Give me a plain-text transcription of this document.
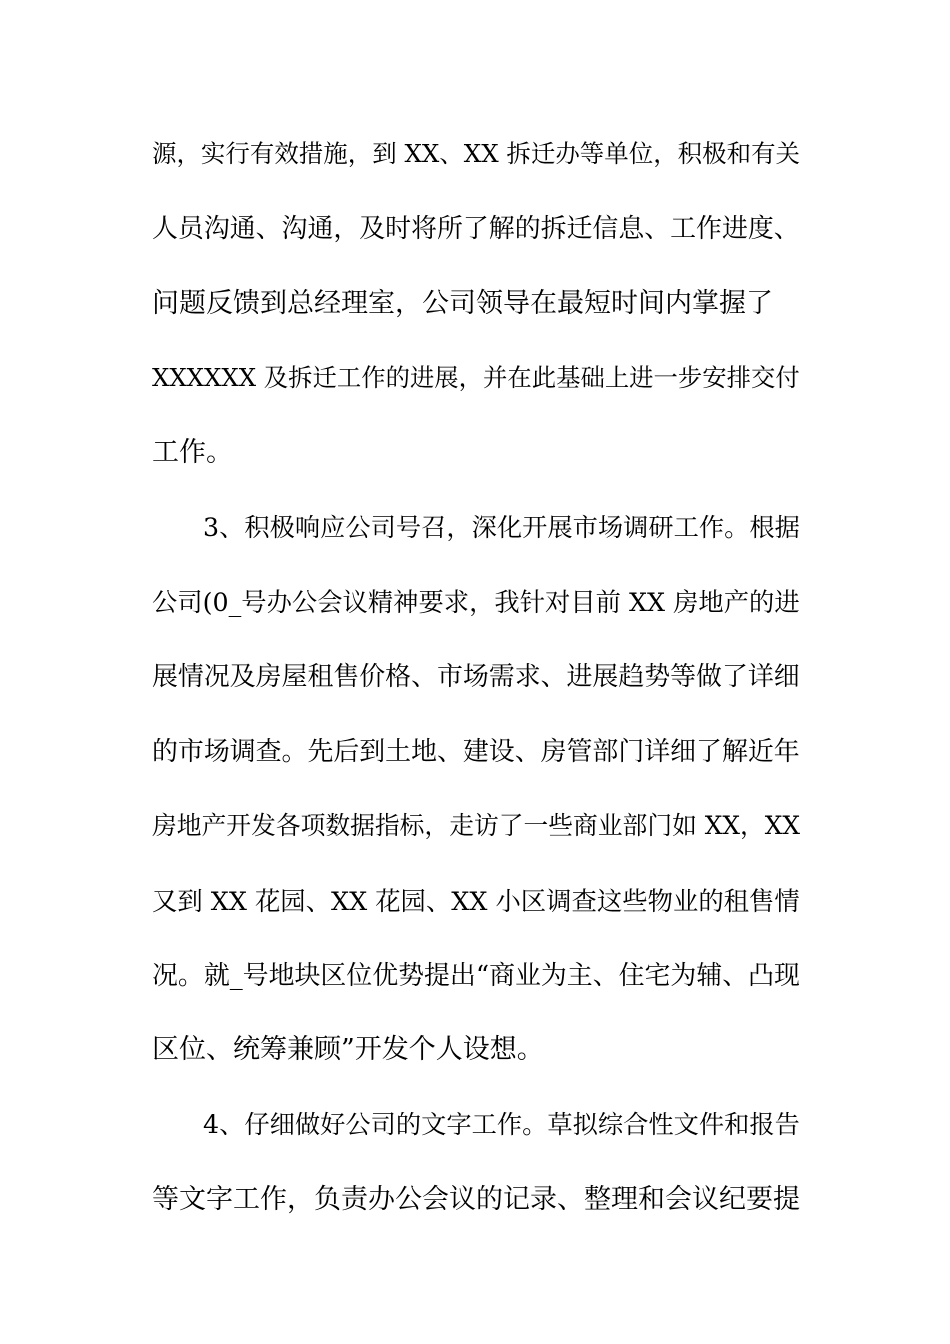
源，实行有效措施，到 XX、XX 拆迁办等单位，积极和有关
人员沟通、沟通，及时将所了解的拆迁信息、工作进度、
问题反馈到总经理室，公司领导在最短时间内掌握了
XXXXXX 及拆迁工作的进展，并在此基础上进一步安排交付
工作。
3、积极响应公司号召，深化开展市场调研工作。根据
公司(0_号办公会议精神要求，我针对目前 XX 房地产的进
展情况及房屋租售价格、市场需求、进展趋势等做了详细
的市场调查。先后到土地、建设、房管部门详细了解近年
房地产开发各项数据指标，走访了一些商业部门如 XX，XX
又到 XX 花园、XX 花园、XX 小区调查这些物业的租售情
况。就_号地块区位优势提出“商业为主、住宅为辅、凸现
区位、统筹兼顾”开发个人设想。
4、仔细做好公司的文字工作。草拟综合性文件和报告
等文字工作，负责办公会议的记录、整理和会议纪要提
